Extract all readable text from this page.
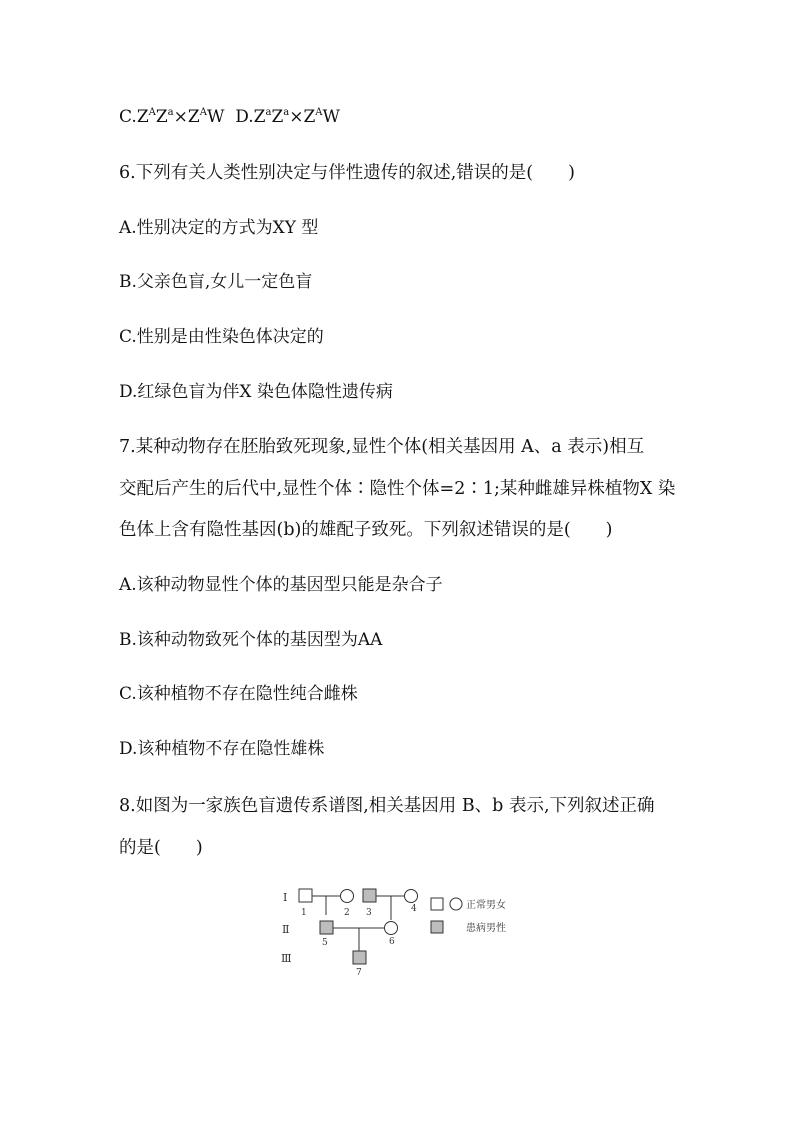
$C.Z^AZ^a\times Z^AW$ $D.Z^aZ^a\times Z^AW$
6.下列有关人类性别决定与伴性遗传的叙述,错误的是(　　)
A.性别决定的方式为XY 型
B.父亲色盲,女儿一定色盲
C.性别是由性染色体决定的
D.红绿色盲为伴X 染色体隐性遗传病
7.某种动物存在胚胎致死现象,显性个体(相关基因用 A、a 表示)相互
交配后产生的后代中,显性个体∶隐性个体=2∶1;某种雌雄异株植物X 染
色体上含有隐性基因(b)的雄配子致死。下列叙述错误的是(　　)
A.该种动物显性个体的基因型只能是杂合子
B.该种动物致死个体的基因型为AA
C.该种植物不存在隐性纯合雌株
D.该种植物不存在隐性雄株
8.如图为一家族色盲遗传系谱图,相关基因用 B、b 表示,下列叙述正确
的是(　　)
Ⅰ
Ⅱ
Ⅲ
1	2 3	4
5	6
7
正常男女
患病男性
